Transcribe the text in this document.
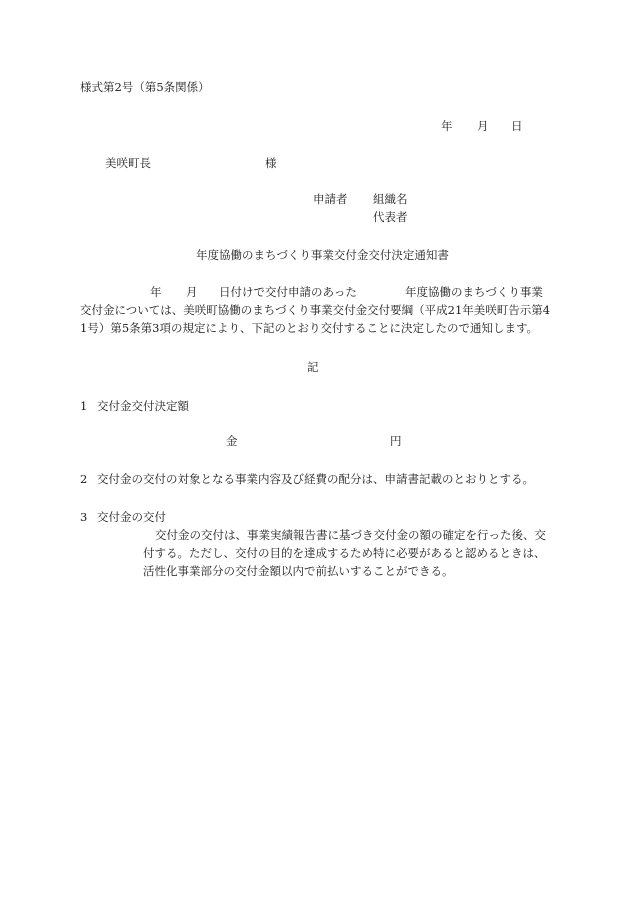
様式第2号（第5条関係）
年 月 日
美咲町長	様
申請者 組織名
代表者
年度協働のまちづくり事業交付金交付決定通知書
年 月 日付けで交付申請のあった	年度協働のまちづくり事業
交付金については、美咲町協働のまちづくり事業交付金交付要綱（平成21年美咲町告示第4
1号）第5条第3項の規定により、下記のとおり交付することに決定したので通知します。
記
1 交付金交付決定額
金	円
2 交付金の交付の対象となる事業内容及び経費の配分は、申請書記載のとおりとする。
3 交付金の交付
交付金の交付は、事業実績報告書に基づき交付金の額の確定を行った後、交
付する。ただし、交付の目的を達成するため特に必要があると認めるときは、
活性化事業部分の交付金額以内で前払いすることができる。
